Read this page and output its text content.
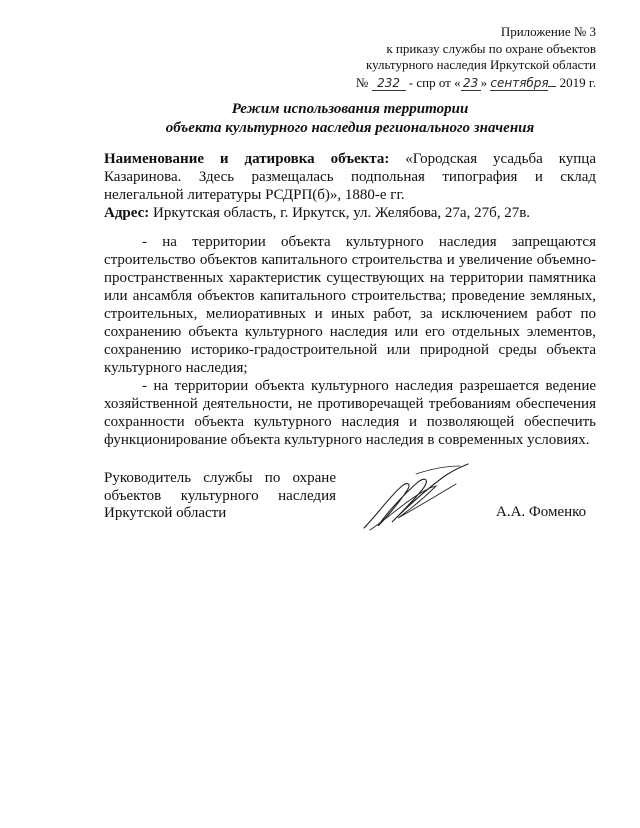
Приложение № 3
к приказу службы по охране объектов
культурного наследия Иркутской области
№ 232 - спр от « 23 » сентября 2019 г.
Режим использования территории
объекта культурного наследия регионального значения

Наименование и датировка объекта: «Городская усадьба купца Казаринова. Здесь размещалась подпольная типография и склад нелегальной литературы РСДРП(б)», 1880-е гг.

Адрес: Иркутская область, г. Иркутск, ул. Желябова, 27а, 27б, 27в.

- на территории объекта культурного наследия запрещаются строительство объектов капитального строительства и увеличение объемно-пространственных характеристик существующих на территории памятника или ансамбля объектов капитального строительства; проведение земляных, строительных, мелиоративных и иных работ, за исключением работ по сохранению объекта культурного наследия или его отдельных элементов, сохранению историко-градостроительной или природной среды объекта культурного наследия;

- на территории объекта культурного наследия разрешается ведение хозяйственной деятельности, не противоречащей требованиям обеспечения сохранности объекта культурного наследия и позволяющей обеспечить функционирование объекта культурного наследия в современных условиях.

Руководитель службы по охране объектов культурного наследия Иркутской области	А.А. Фоменко
